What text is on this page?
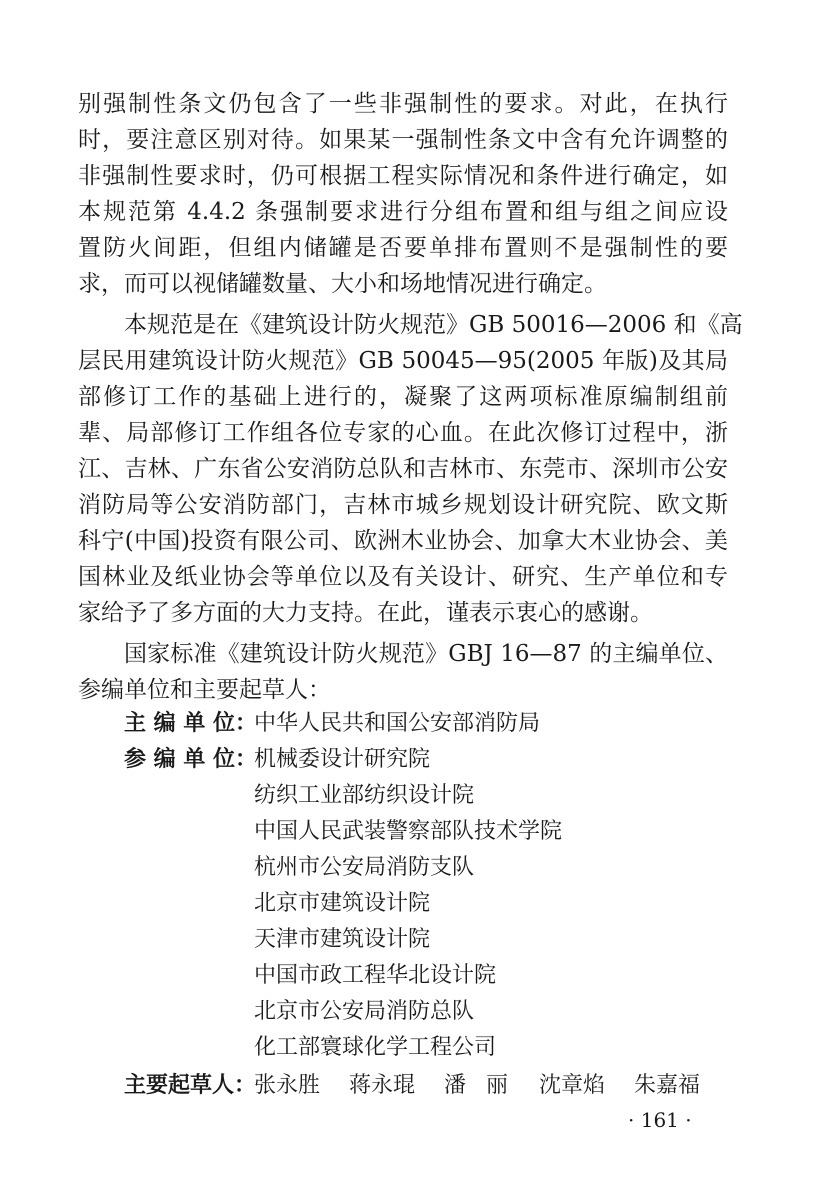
别强制性条文仍包含了一些非强制性的要求。对此，在执行
时，要注意区别对待。如果某一强制性条文中含有允许调整的
非强制性要求时，仍可根据工程实际情况和条件进行确定，如
本规范第 4.4.2 条强制要求进行分组布置和组与组之间应设
置防火间距，但组内储罐是否要单排布置则不是强制性的要
求，而可以视储罐数量、大小和场地情况进行确定。
本规范是在《建筑设计防火规范》GB 50016—2006 和《高
层民用建筑设计防火规范》GB 50045—95(2005 年版)及其局
部修订工作的基础上进行的，凝聚了这两项标准原编制组前
辈、局部修订工作组各位专家的心血。在此次修订过程中，浙
江、吉林、广东省公安消防总队和吉林市、东莞市、深圳市公安
消防局等公安消防部门，吉林市城乡规划设计研究院、欧文斯
科宁(中国)投资有限公司、欧洲木业协会、加拿大木业协会、美
国林业及纸业协会等单位以及有关设计、研究、生产单位和专
家给予了多方面的大力支持。在此，谨表示衷心的感谢。
国家标准《建筑设计防火规范》GBJ 16—87 的主编单位、
参编单位和主要起草人：
主 编 单 位：
中华人民共和国公安部消防局
参 编 单 位：
机械委设计研究院
纺织工业部纺织设计院
中国人民武装警察部队技术学院
杭州市公安局消防支队
北京市建筑设计院
天津市建筑设计院
中国市政工程华北设计院
北京市公安局消防总队
化工部寰球化学工程公司
主要起草人：
张永胜	蒋永琨	潘丽 沈章焰	朱嘉福
· 161 ·
